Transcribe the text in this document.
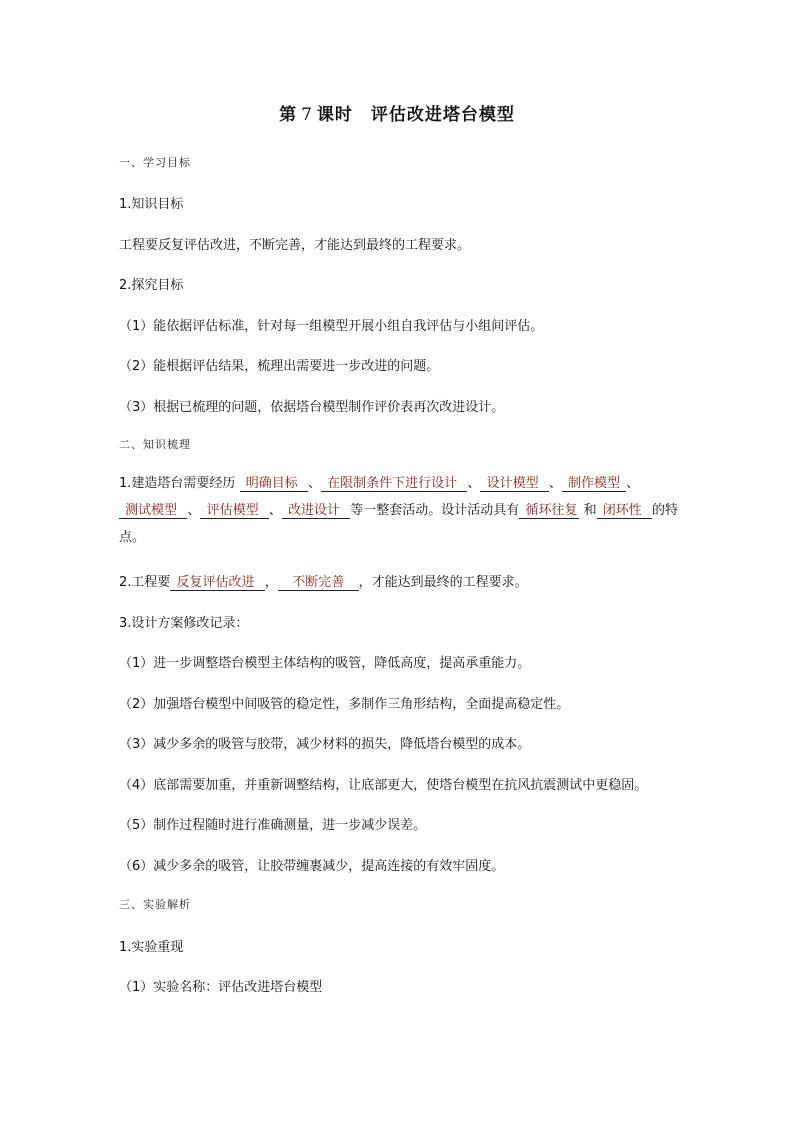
第 7 课时 评估改进塔台模型
一、学习目标
1.知识目标
工程要反复评估改进，不断完善，才能达到最终的工程要求。
2.探究目标
（1）能依据评估标准，针对每一组模型开展小组自我评估与小组间评估。
（2）能根据评估结果，梳理出需要进一步改进的问题。
（3）根据已梳理的问题，依据塔台模型制作评价表再次改进设计。
二、知识梳理
1.建造塔台需要经历 明确目标 、 在限制条件下进行设计 、 设计模型 、 制作模型 、 测试模型 、 评估模型 、 改进设计 等一整套活动。设计活动具有 循环往复 和 闭环性 的特点。
2.工程要 反复评估改进 ， 不断完善 ，才能达到最终的工程要求。
3.设计方案修改记录：
（1）进一步调整塔台模型主体结构的吸管，降低高度，提高承重能力。
（2）加强塔台模型中间吸管的稳定性，多制作三角形结构，全面提高稳定性。
（3）减少多余的吸管与胶带，减少材料的损失，降低塔台模型的成本。
（4）底部需要加重，并重新调整结构，让底部更大，使塔台模型在抗风抗震测试中更稳固。
（5）制作过程随时进行准确测量，进一步减少误差。
（6）减少多余的吸管，让胶带缠裹减少，提高连接的有效牢固度。
三、实验解析
1.实验重现
（1）实验名称：评估改进塔台模型
